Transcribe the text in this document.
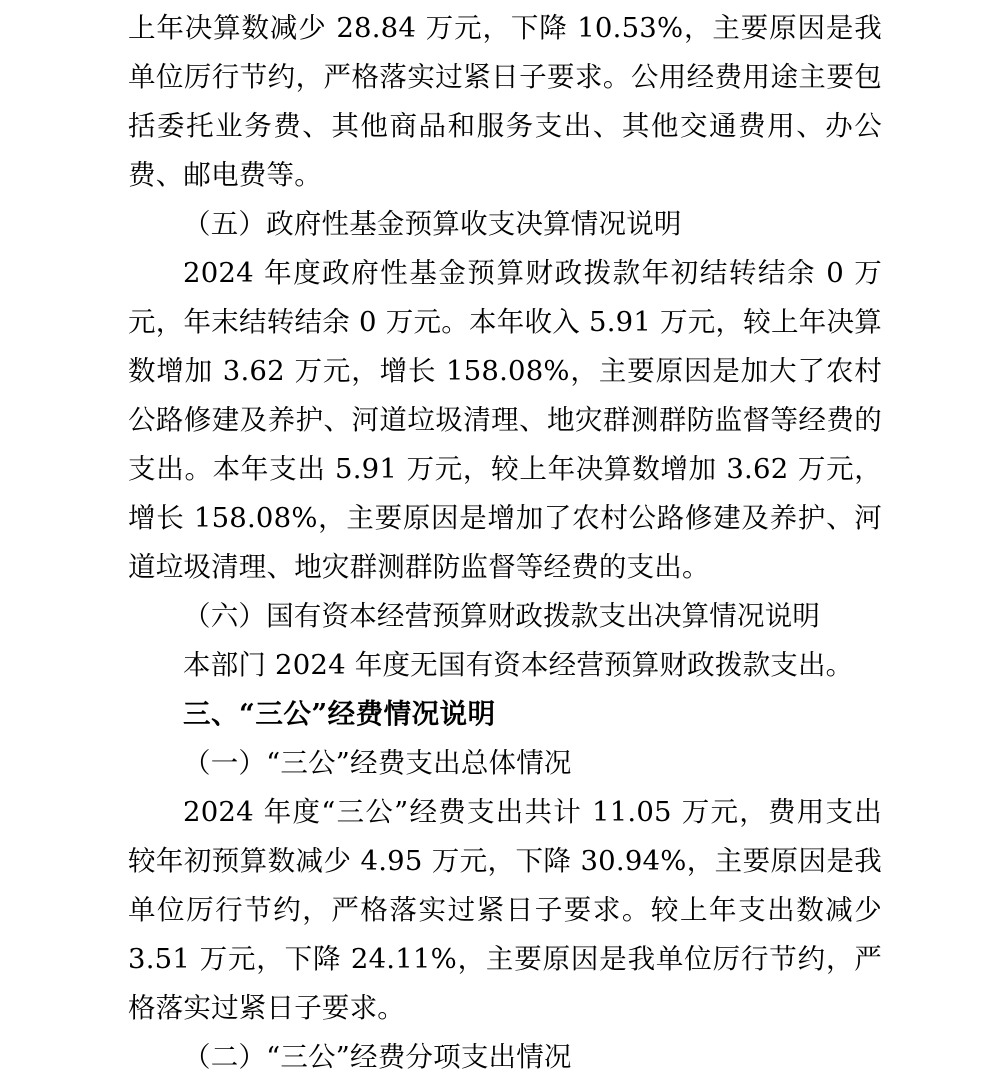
上年决算数减少 28.84 万元，下降 10.53%，主要原因是我单位厉行节约，严格落实过紧日子要求。公用经费用途主要包括委托业务费、其他商品和服务支出、其他交通费用、办公费、邮电费等。

（五）政府性基金预算收支决算情况说明

2024 年度政府性基金预算财政拨款年初结转结余 0 万元，年末结转结余 0 万元。本年收入 5.91 万元，较上年决算数增加 3.62 万元，增长 158.08%，主要原因是加大了农村公路修建及养护、河道垃圾清理、地灾群测群防监督等经费的支出。本年支出 5.91 万元，较上年决算数增加 3.62 万元，增长 158.08%，主要原因是增加了农村公路修建及养护、河道垃圾清理、地灾群测群防监督等经费的支出。

（六）国有资本经营预算财政拨款支出决算情况说明

本部门 2024 年度无国有资本经营预算财政拨款支出。

三、“三公”经费情况说明

（一）“三公”经费支出总体情况

2024 年度“三公”经费支出共计 11.05 万元，费用支出较年初预算数减少 4.95 万元，下降 30.94%，主要原因是我单位厉行节约，严格落实过紧日子要求。较上年支出数减少 3.51 万元，下降 24.11%，主要原因是我单位厉行节约，严格落实过紧日子要求。

（二）“三公”经费分项支出情况
